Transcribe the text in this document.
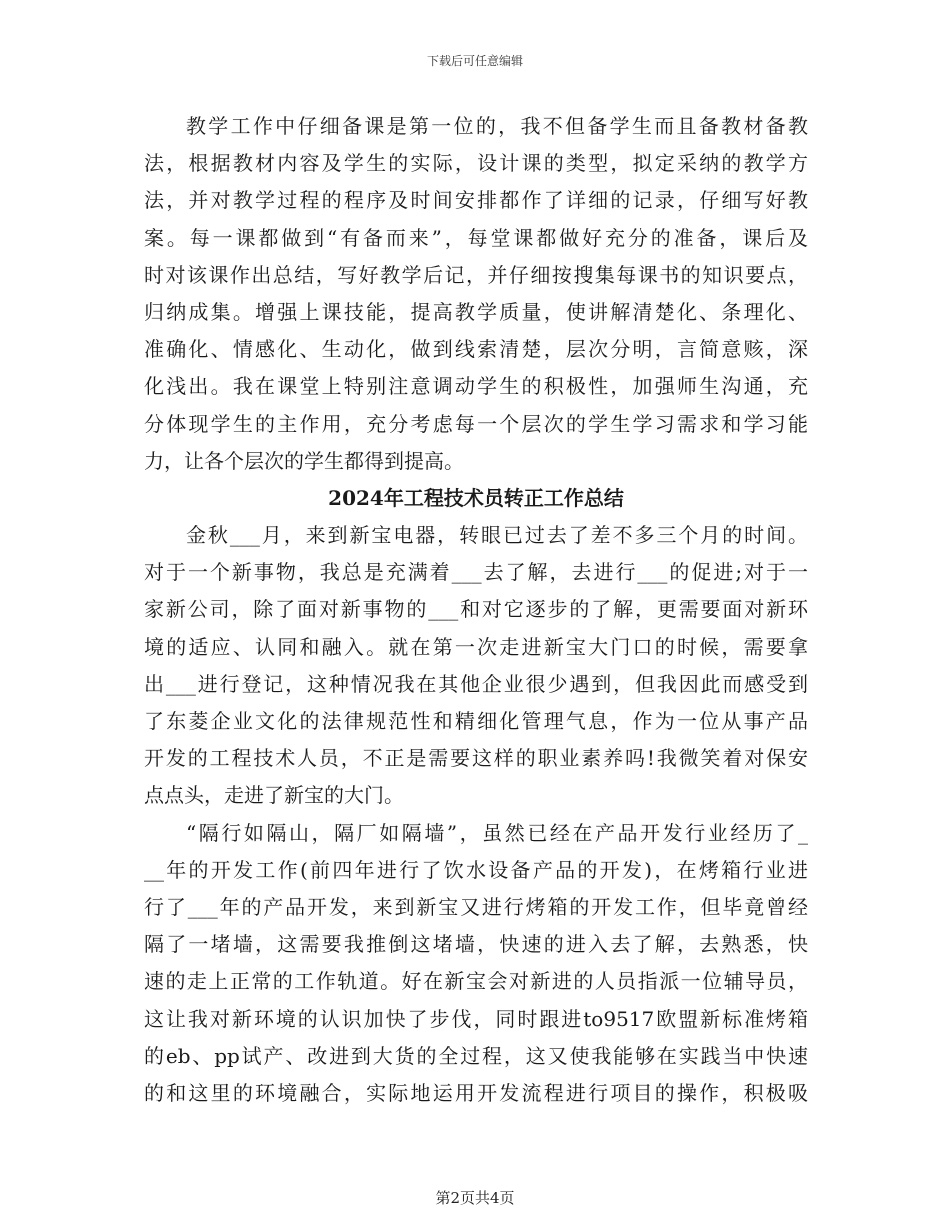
下载后可任意编辑
教学工作中仔细备课是第一位的，我不但备学生而且备教材备教
法，根据教材内容及学生的实际，设计课的类型，拟定采纳的教学方
法，并对教学过程的程序及时间安排都作了详细的记录，仔细写好教
案。每一课都做到“有备而来”，每堂课都做好充分的准备，课后及
时对该课作出总结，写好教学后记，并仔细按搜集每课书的知识要点，
归纳成集。增强上课技能，提高教学质量，使讲解清楚化、条理化、
准确化、情感化、生动化，做到线索清楚，层次分明，言简意赅，深
化浅出。我在课堂上特别注意调动学生的积极性，加强师生沟通，充
分体现学生的主作用，充分考虑每一个层次的学生学习需求和学习能
力，让各个层次的学生都得到提高。
2024年工程技术员转正工作总结
金秋___月，来到新宝电器，转眼已过去了差不多三个月的时间。
对于一个新事物，我总是充满着___去了解，去进行___的促进;对于一
家新公司，除了面对新事物的___和对它逐步的了解，更需要面对新环
境的适应、认同和融入。就在第一次走进新宝大门口的时候，需要拿
出___进行登记，这种情况我在其他企业很少遇到，但我因此而感受到
了东菱企业文化的法律规范性和精细化管理气息，作为一位从事产品
开发的工程技术人员，不正是需要这样的职业素养吗!我微笑着对保安
点点头，走进了新宝的大门。
“隔行如隔山，隔厂如隔墙”，虽然已经在产品开发行业经历了_
__年的开发工作(前四年进行了饮水设备产品的开发)，在烤箱行业进
行了___年的产品开发，来到新宝又进行烤箱的开发工作，但毕竟曾经
隔了一堵墙，这需要我推倒这堵墙，快速的进入去了解，去熟悉，快
速的走上正常的工作轨道。好在新宝会对新进的人员指派一位辅导员，
这让我对新环境的认识加快了步伐，同时跟进to9517欧盟新标准烤箱
的eb、pp试产、改进到大货的全过程，这又使我能够在实践当中快速
的和这里的环境融合，实际地运用开发流程进行项目的操作，积极吸
第2页共4页
